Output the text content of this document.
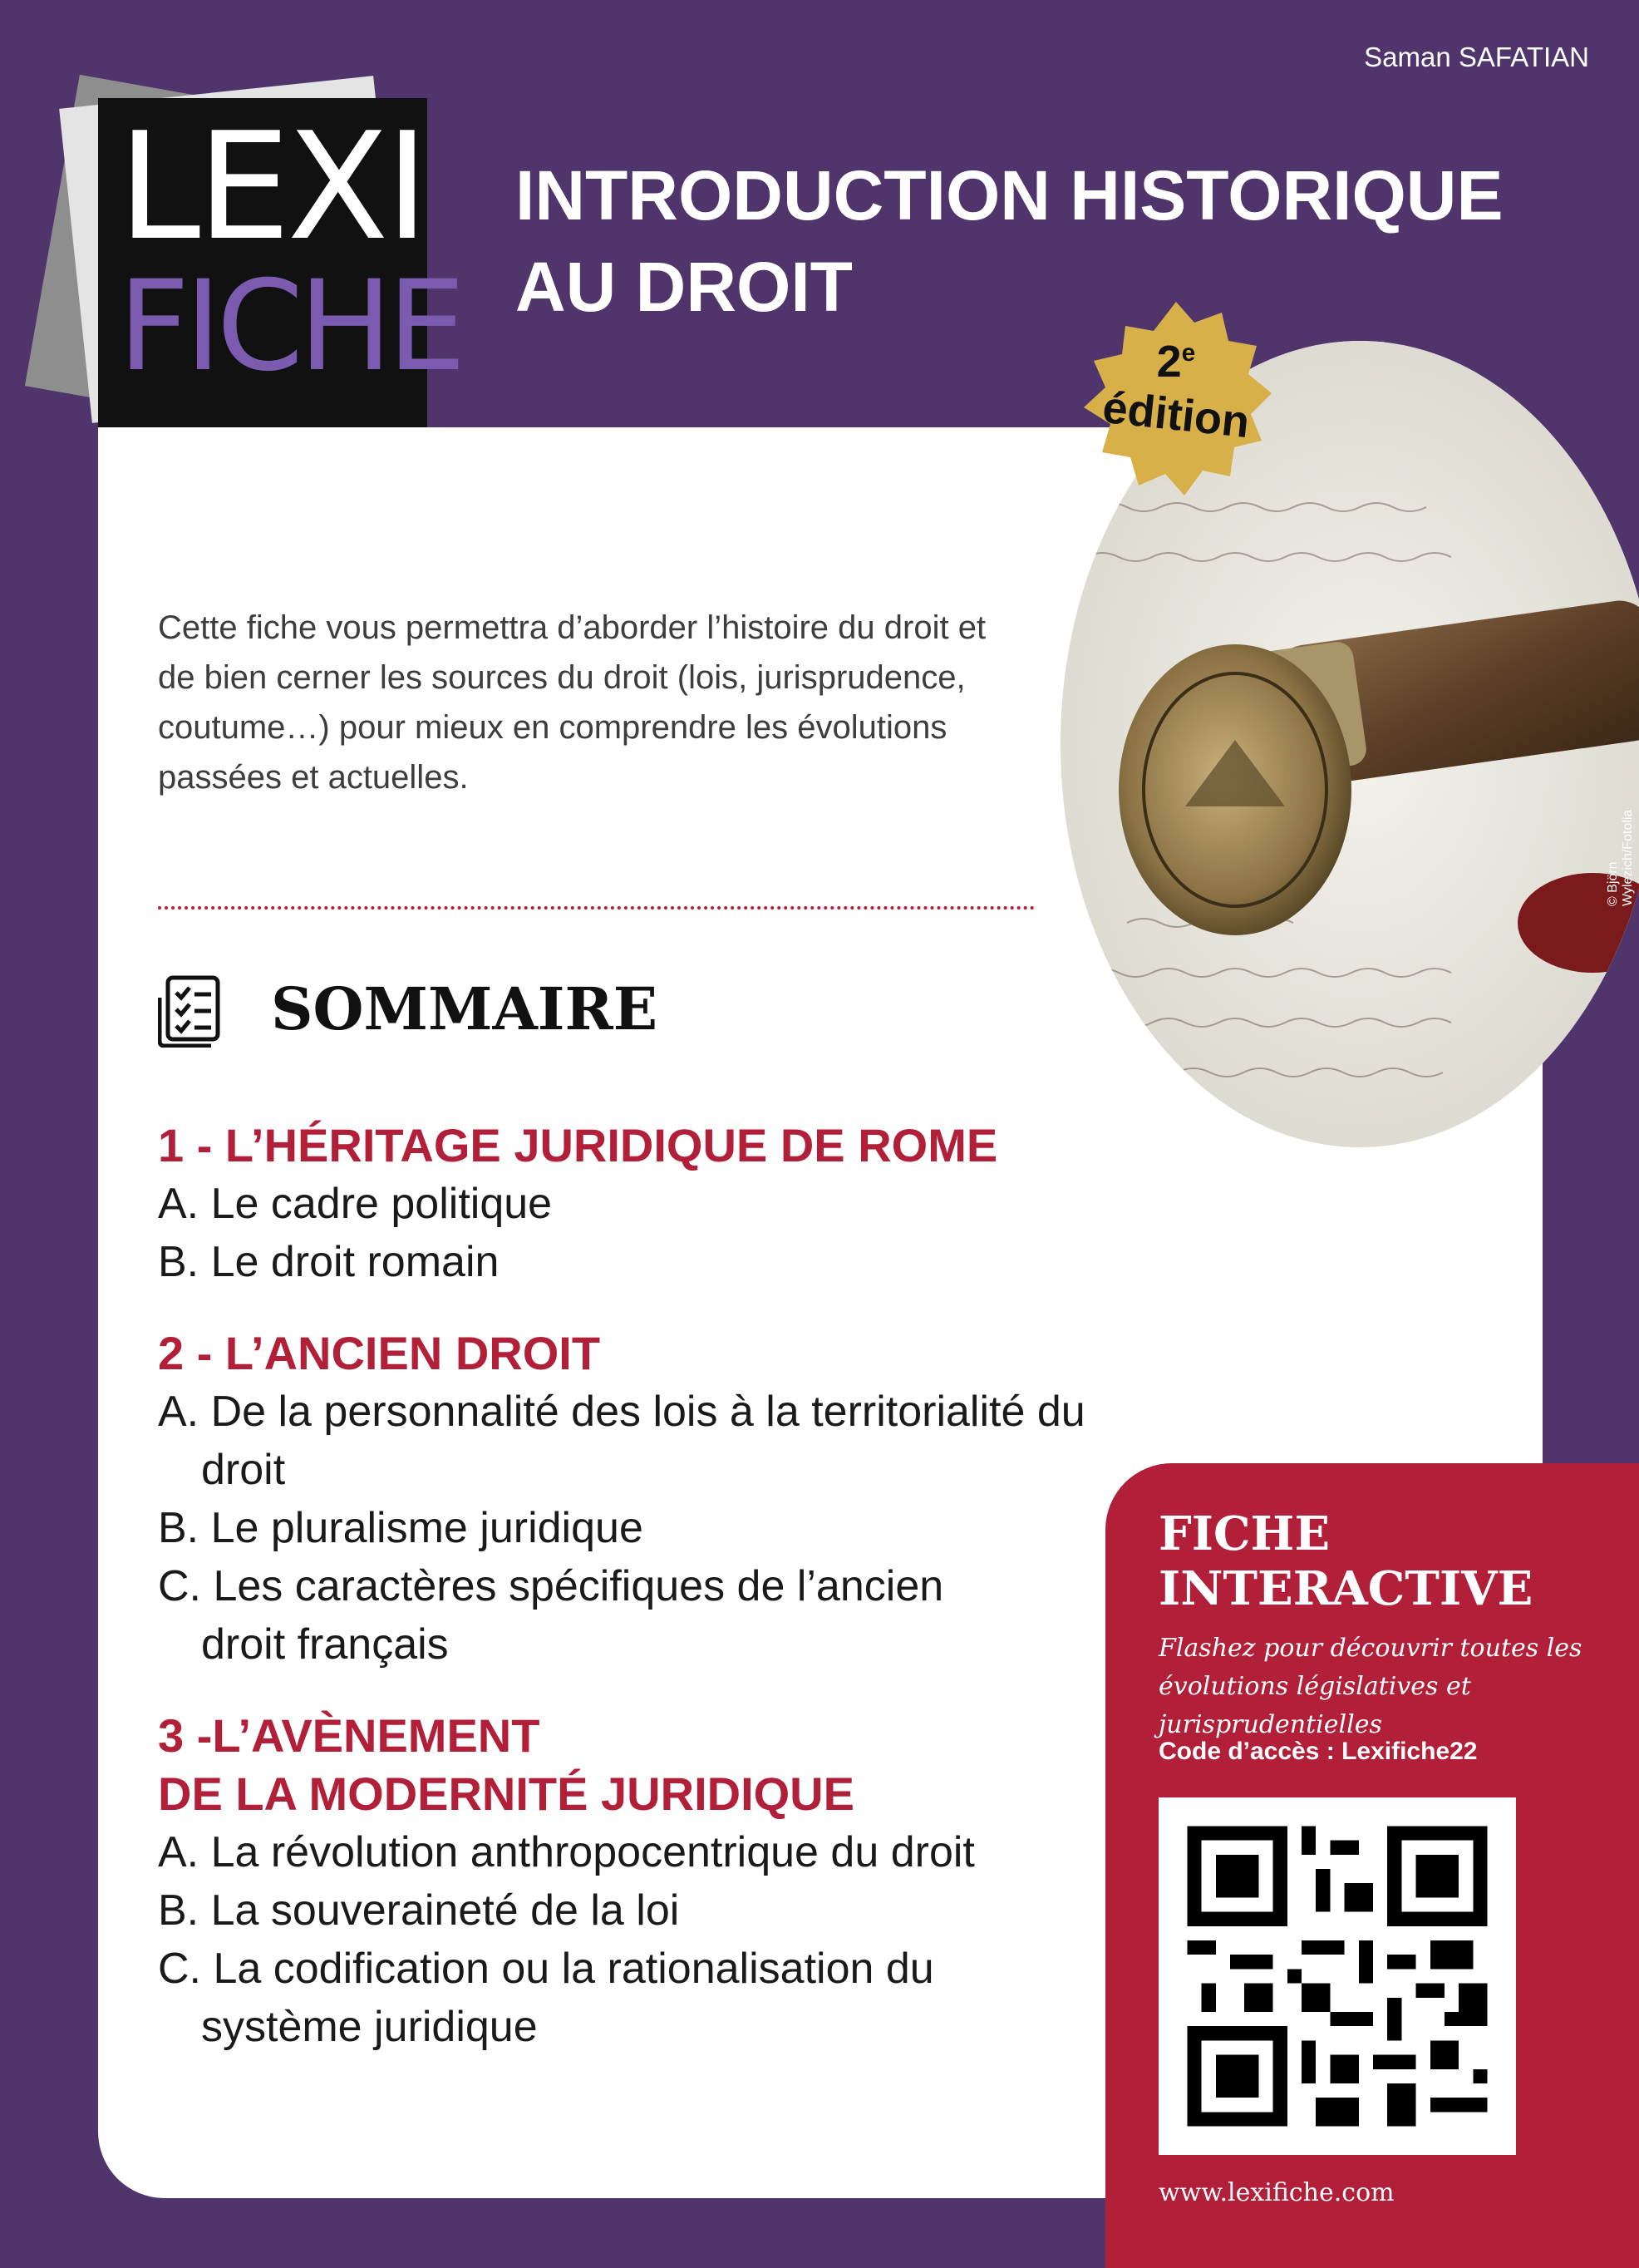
Saman SAFATIAN
LEXI
FICHE
INTRODUCTION HISTORIQUE
AU DROIT
2e
édition
© Björn Wylezich/Fotolia
Cette fiche vous permettra d’aborder l’histoire du droit et de bien cerner les sources du droit (lois, jurisprudence, coutume…) pour mieux en comprendre les évolutions passées et actuelles.
SOMMAIRE
1 - L’HÉRITAGE JURIDIQUE DE ROME
A. Le cadre politique
B. Le droit romain
2 - L’ANCIEN DROIT
A. De la personnalité des lois à la territorialité du droit
B. Le pluralisme juridique
C. Les caractères spécifiques de l’ancien
droit français
3 -L’AVÈNEMENT
DE LA MODERNITÉ JURIDIQUE
A. La révolution anthropocentrique du droit
B. La souveraineté de la loi
C. La codification ou la rationalisation du
système juridique
FICHE
INTERACTIVE
Flashez pour découvrir toutes les évolutions législatives et jurisprudentielles
Code d’accès : Lexifiche22
www.lexifiche.com
